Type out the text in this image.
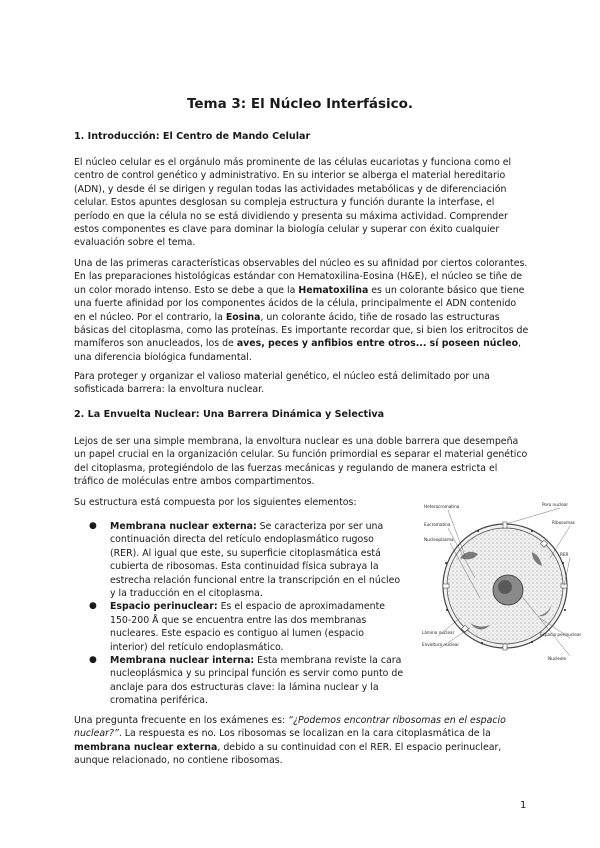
Tema 3: El Núcleo Interfásico.
1. Introducción: El Centro de Mando Celular

El núcleo celular es el orgánulo más prominente de las células eucariotas y funciona como el centro de control genético y administrativo. En su interior se alberga el material hereditario (ADN), y desde él se dirigen y regulan todas las actividades metabólicas y de diferenciación celular. Estos apuntes desglosan su compleja estructura y función durante la interfase, el período en que la célula no se está dividiendo y presenta su máxima actividad. Comprender estos componentes es clave para dominar la biología celular y superar con éxito cualquier evaluación sobre el tema.

Una de las primeras características observables del núcleo es su afinidad por ciertos colorantes. En las preparaciones histológicas estándar con Hematoxilina-Eosina (H&E), el núcleo se tiñe de un color morado intenso. Esto se debe a que la Hematoxilina es un colorante básico que tiene una fuerte afinidad por los componentes ácidos de la célula, principalmente el ADN contenido en el núcleo. Por el contrario, la Eosina, un colorante ácido, tiñe de rosado las estructuras básicas del citoplasma, como las proteínas. Es importante recordar que, si bien los eritrocitos de mamíferos son anucleados, los de aves, peces y anfibios entre otros... sí poseen núcleo, una diferencia biológica fundamental.

Para proteger y organizar el valioso material genético, el núcleo está delimitado por una sofisticada barrera: la envoltura nuclear.

2. La Envuelta Nuclear: Una Barrera Dinámica y Selectiva

Lejos de ser una simple membrana, la envoltura nuclear es una doble barrera que desempeña un papel crucial en la organización celular. Su función primordial es separar el material genético del citoplasma, protegiéndolo de las fuerzas mecánicas y regulando de manera estricta el tráfico de moléculas entre ambos compartimentos.

Su estructura está compuesta por los siguientes elementos:

● Membrana nuclear externa: Se caracteriza por ser una continuación directa del retículo endoplasmático rugoso (RER). Al igual que este, su superficie citoplasmática está cubierta de ribosomas. Esta continuidad física subraya la estrecha relación funcional entre la transcripción en el núcleo y la traducción en el citoplasma.
● Espacio perinuclear: Es el espacio de aproximadamente 150-200 Å que se encuentra entre las dos membranas nucleares. Este espacio es contiguo al lumen (espacio interior) del retículo endoplasmático.
● Membrana nuclear interna: Esta membrana reviste la cara nucleoplásmica y su principal función es servir como punto de anclaje para dos estructuras clave: la lámina nuclear y la cromatina periférica.
Heterocromatina
Eucromatina
Nucleoplasma
Poro nuclear
Ribosomas
RER
Lámina nuclear
Envoltura nuclear
Espacio perinuclear
Nucleolo

Una pregunta frecuente en los exámenes es: “¿Podemos encontrar ribosomas en el espacio nuclear?”. La respuesta es no. Los ribosomas se localizan en la cara citoplasmática de la membrana nuclear externa, debido a su continuidad con el RER. El espacio perinuclear, aunque relacionado, no contiene ribosomas.

1
